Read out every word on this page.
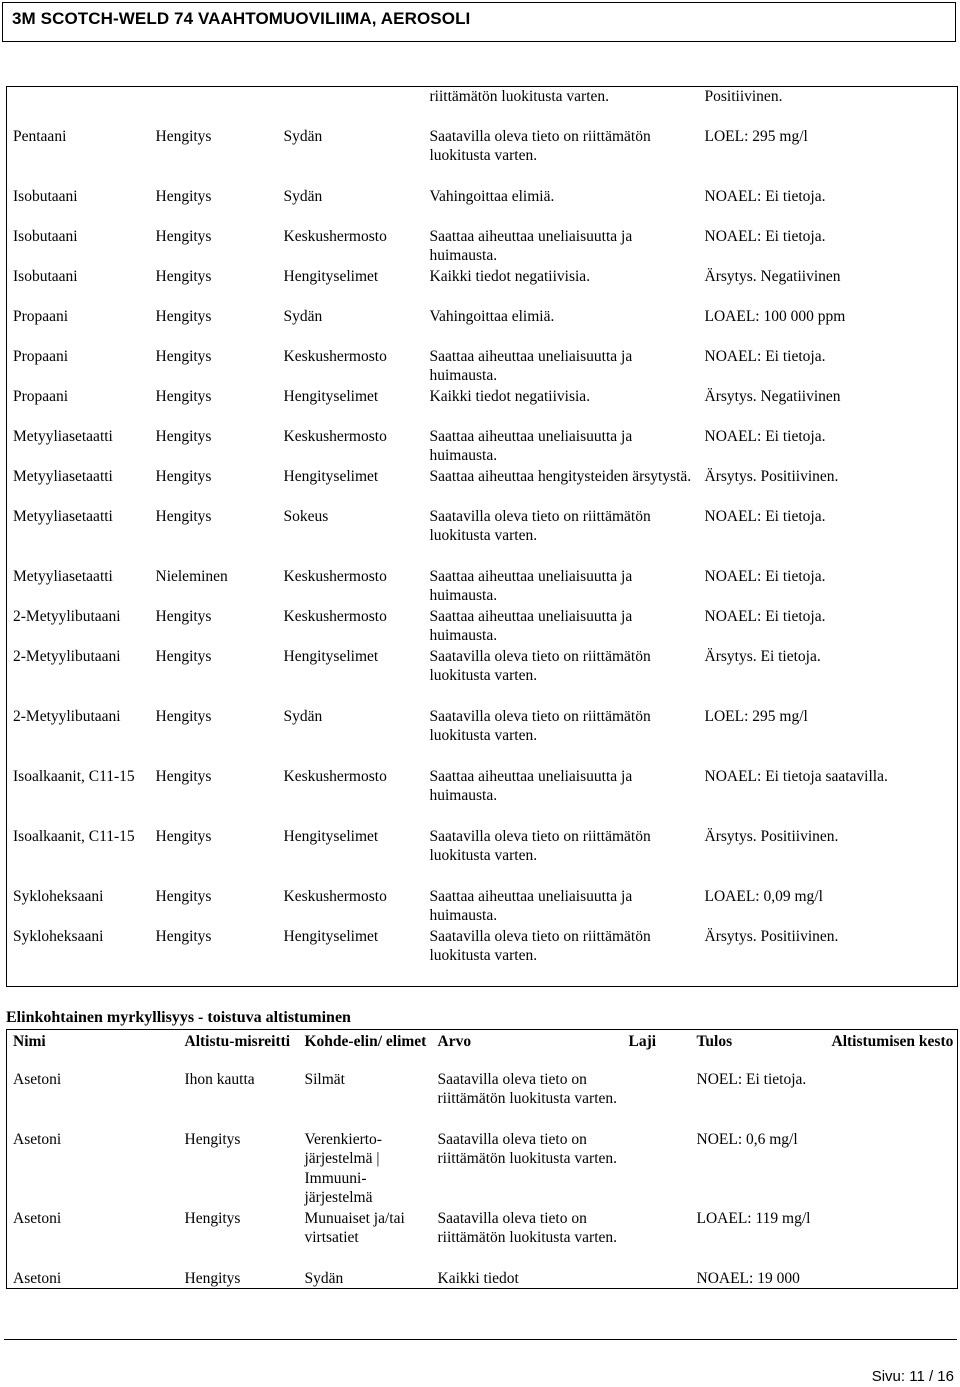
3M SCOTCH-WELD 74 VAAHTOMUOVILIIMA, AEROSOLI
			riittämätön luokitusta varten.	Positiivinen.
Pentaani	Hengitys	Sydän	Saatavilla oleva tieto on riittämätön luokitusta varten.	LOEL: 295 mg/l
Isobutaani	Hengitys	Sydän	Vahingoittaa elimiä.	NOAEL: Ei tietoja.
Isobutaani	Hengitys	Keskushermosto	Saattaa aiheuttaa uneliaisuutta ja huimausta.	NOAEL: Ei tietoja.
Isobutaani	Hengitys	Hengityselimet	Kaikki tiedot negatiivisia.	Ärsytys. Negatiivinen
Propaani	Hengitys	Sydän	Vahingoittaa elimiä.	LOAEL: 100 000 ppm
Propaani	Hengitys	Keskushermosto	Saattaa aiheuttaa uneliaisuutta ja huimausta.	NOAEL: Ei tietoja.
Propaani	Hengitys	Hengityselimet	Kaikki tiedot negatiivisia.	Ärsytys. Negatiivinen
Metyyliasetaatti	Hengitys	Keskushermosto	Saattaa aiheuttaa uneliaisuutta ja huimausta.	NOAEL: Ei tietoja.
Metyyliasetaatti	Hengitys	Hengityselimet	Saattaa aiheuttaa hengitysteiden ärsytystä.	Ärsytys. Positiivinen.
Metyyliasetaatti	Hengitys	Sokeus	Saatavilla oleva tieto on riittämätön luokitusta varten.	NOAEL: Ei tietoja.
Metyyliasetaatti	Nieleminen	Keskushermosto	Saattaa aiheuttaa uneliaisuutta ja huimausta.	NOAEL: Ei tietoja.
2-Metyylibutaani	Hengitys	Keskushermosto	Saattaa aiheuttaa uneliaisuutta ja huimausta.	NOAEL: Ei tietoja.
2-Metyylibutaani	Hengitys	Hengityselimet	Saatavilla oleva tieto on riittämätön luokitusta varten.	Ärsytys. Ei tietoja.
2-Metyylibutaani	Hengitys	Sydän	Saatavilla oleva tieto on riittämätön luokitusta varten.	LOEL: 295 mg/l
Isoalkaanit, C11-15	Hengitys	Keskushermosto	Saattaa aiheuttaa uneliaisuutta ja huimausta.	NOAEL: Ei tietoja saatavilla.
Isoalkaanit, C11-15	Hengitys	Hengityselimet	Saatavilla oleva tieto on riittämätön luokitusta varten.	Ärsytys. Positiivinen.
Sykloheksaani	Hengitys	Keskushermosto	Saattaa aiheuttaa uneliaisuutta ja huimausta.	LOAEL: 0,09 mg/l
Sykloheksaani	Hengitys	Hengityselimet	Saatavilla oleva tieto on riittämätön luokitusta varten.	Ärsytys. Positiivinen.
Elinkohtainen myrkyllisyys - toistuva altistuminen
Nimi	Altistu-misreitti	Kohde-elin/ elimet	Arvo	Laji	Tulos	Altistumisen kesto
Asetoni	Ihon kautta	Silmät	Saatavilla oleva tieto on riittämätön luokitusta varten.		NOEL: Ei tietoja.	
Asetoni	Hengitys	Verenkierto-järjestelmä | Immuuni-järjestelmä	Saatavilla oleva tieto on riittämätön luokitusta varten.		NOEL: 0,6 mg/l	
Asetoni	Hengitys	Munuaiset ja/tai virtsatiet	Saatavilla oleva tieto on riittämätön luokitusta varten.		LOAEL: 119 mg/l	
Asetoni	Hengitys	Sydän	Kaikki tiedot		NOAEL: 19 000	
Sivu: 11 / 16
